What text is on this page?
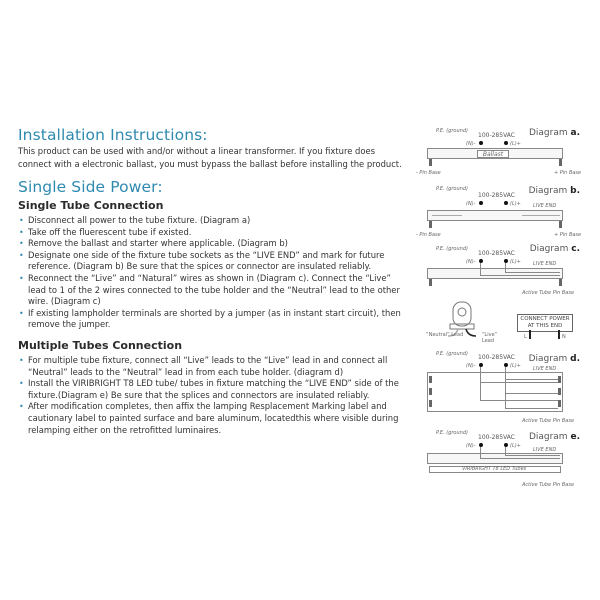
Installation Instructions:
This product can be used with and/or without a linear transformer. If you fixture does connect with a electronic ballast, you must bypass the ballast before installing the product.
Single Side Power:
Single Tube Connection
• Disconnect all power to the tube fixture. (Diagram a)
• Take off the fluerescent tube if existed.
• Remove the ballast and starter where applicable. (Diagram b)
• Designate one side of the fixture tube sockets as the “LIVE END” and mark for future reference. (Diagram b) Be sure that the spices or connector are insulated reliably.
• Reconnect the “Live” and “Natural” wires as shown in (Diagram c). Connect the “Live” lead to 1 of the 2 wires connected to the tube holder and the “Neutral” lead to the other wire. (Diagram c)
• If existing lampholder terminals are shorted by a jumper (as in instant start circuit), then remove the jumper.
Multiple Tubes Connection
• For multiple tube fixture, connect all “Live” leads to the “Live” lead in and connect all “Neutral” leads to the “Neutral” lead in from each tube holder. (diagram d)
• Install the VIRIBRIGHT T8 LED tube/ tubes in fixture matching the “LIVE END” side of the fixture.(Diagram e) Be sure that the splices and connectors are insulated reliably.
• After modification completes, then affix the lamping Resplacement Marking label and cautionary label to painted surface and bare aluminum, locatedthis where visible during relamping either on the retrofitted luminaires.
Diagram a.
P.E. (ground)
100-285VAC
(N)-	(L)+
Ballast
- Pin Base	+ Pin Base
Diagram b.
P.E. (ground)
100-285VAC
(N)-	(L)+ LIVE END
- Pin Base	+ Pin Base
Diagram c.
P.E. (ground)
100-285VAC
(N)-	(L)+ LIVE END
Active Tube Pin Base
“Neutral” Lead	“Live” Lead
CONNECT POWER AT THIS END
L	N
Diagram d.
P.E. (ground) 100-285VAC
(N)-	(L)+ LIVE END
Active Tube Pin Base
Diagram e.
P.E. (ground)
100-285VAC
(N)-	(L)+
LIVE END
VIRIBRIGHT T8 LED Tubes
Active Tube Pin Base
